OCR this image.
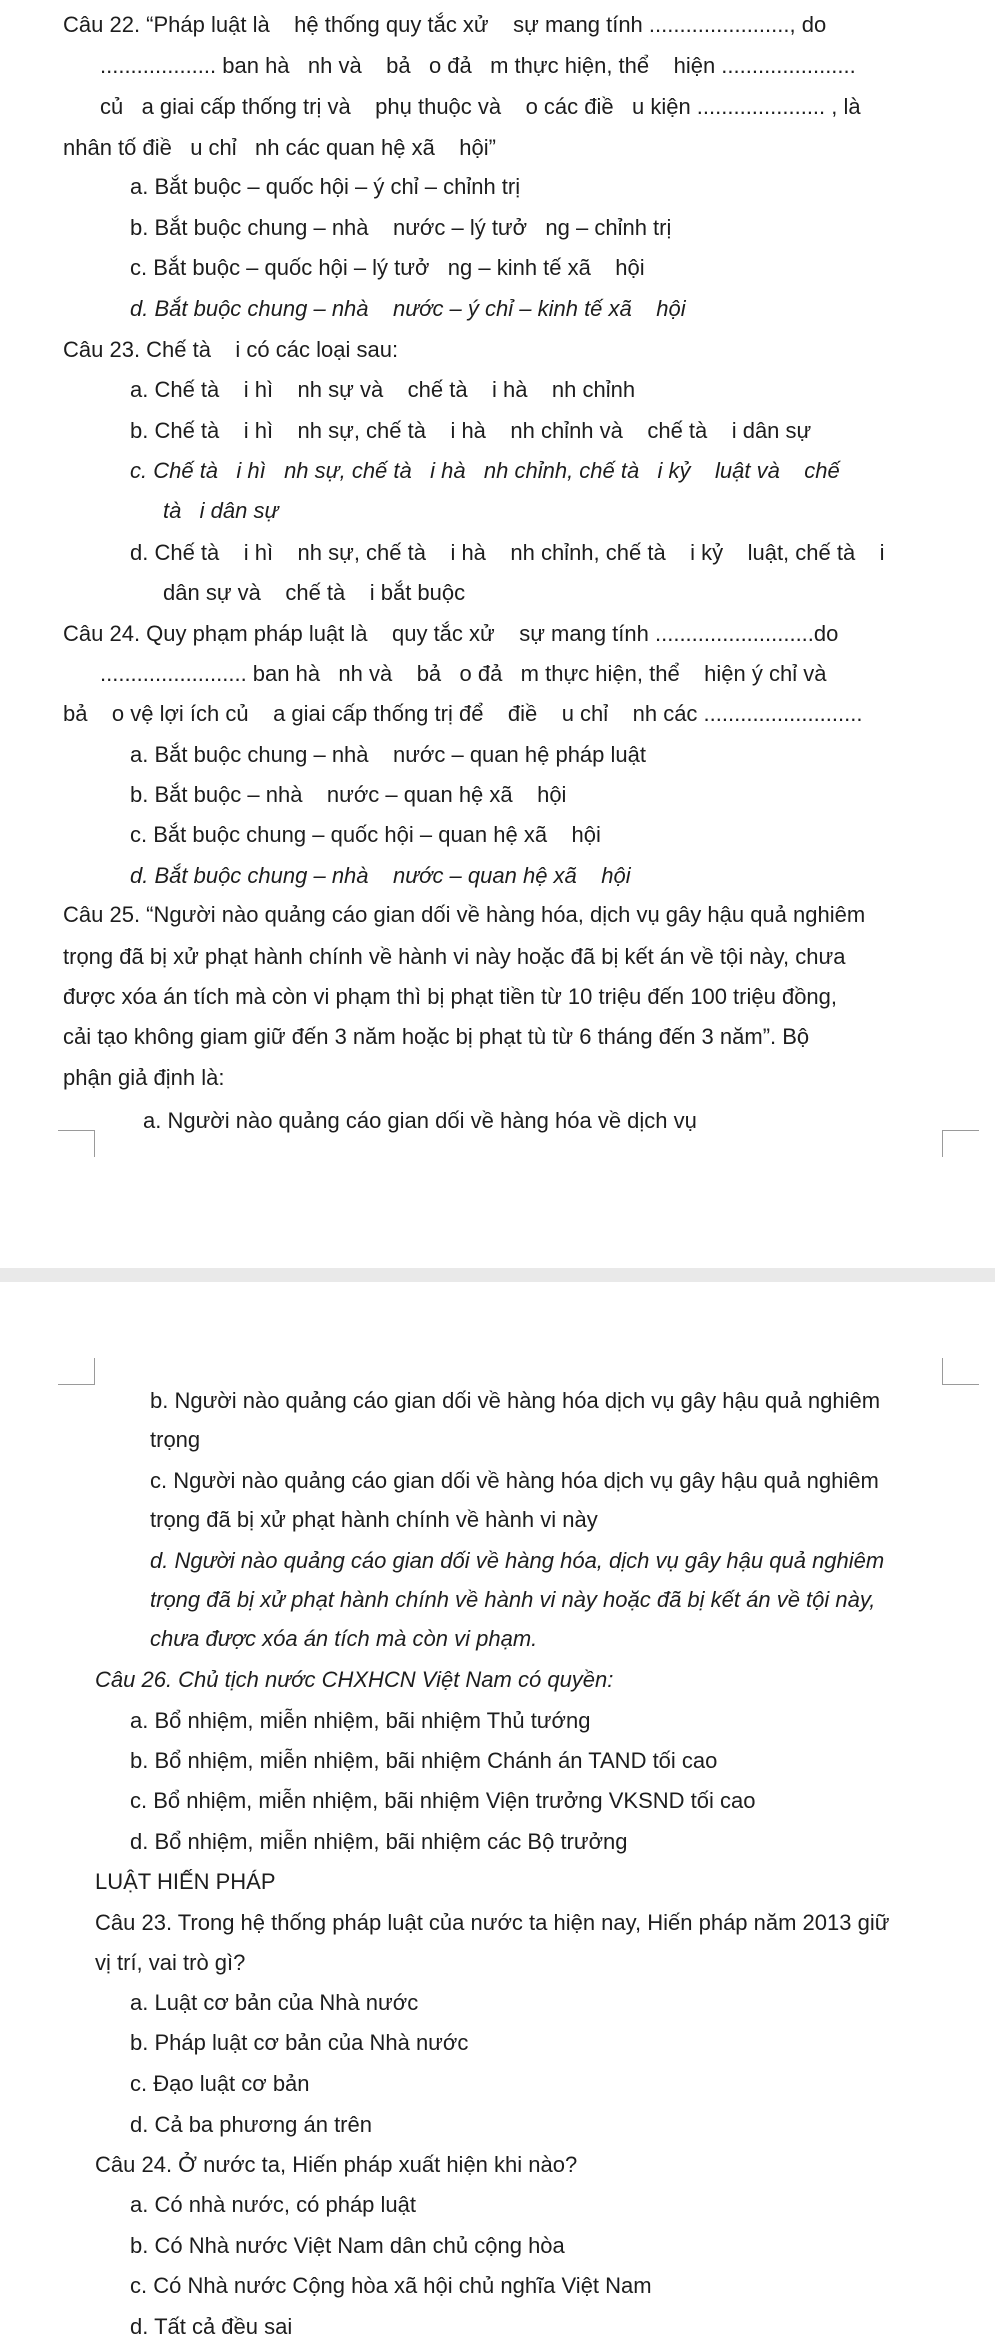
Câu 22. “Pháp luật là    hệ thống quy tắc xử    sự mang tính ......................., do
................... ban hà   nh và    bả   o đả   m thực hiện, thể    hiện ......................
củ   a giai cấp thống trị và    phụ thuộc và    o các điề   u kiện ..................... , là
nhân tố điề   u chỉ   nh các quan hệ xã    hội”
a. Bắt buộc – quốc hội – ý chỉ – chỉnh trị
b. Bắt buộc chung – nhà    nước – lý tưở   ng – chỉnh trị
c. Bắt buộc – quốc hội – lý tưở   ng – kinh tế xã    hội
d. Bắt buộc chung – nhà    nước – ý chỉ – kinh tế xã    hội
Câu 23. Chế tà    i có các loại sau:
a. Chế tà    i hì    nh sự và    chế tà    i hà    nh chỉnh
b. Chế tà    i hì    nh sự, chế tà    i hà    nh chỉnh và    chế tà    i dân sự
c. Chế tà   i hì   nh sự, chế tà   i hà   nh chỉnh, chế tà   i kỷ    luật và    chế
tà   i dân sự
d. Chế tà    i hì    nh sự, chế tà    i hà    nh chỉnh, chế tà    i kỷ    luật, chế tà    i
dân sự và    chế tà    i bắt buộc
Câu 24. Quy phạm pháp luật là    quy tắc xử    sự mang tính ..........................do
........................ ban hà   nh và    bả   o đả   m thực hiện, thể    hiện ý chỉ và
bả    o vệ lợi ích củ    a giai cấp thống trị để    điề    u chỉ    nh các ..........................
a. Bắt buộc chung – nhà    nước – quan hệ pháp luật
b. Bắt buộc – nhà    nước – quan hệ xã    hội
c. Bắt buộc chung – quốc hội – quan hệ xã    hội
d. Bắt buộc chung – nhà    nước – quan hệ xã    hội
Câu 25. “Người nào quảng cáo gian dối về hàng hóa, dịch vụ gây hậu quả nghiêm
trọng đã bị xử phạt hành chính về hành vi này hoặc đã bị kết án về tội này, chưa
được xóa án tích mà còn vi phạm thì bị phạt tiền từ 10 triệu đến 100 triệu đồng,
cải tạo không giam giữ đến 3 năm hoặc bị phạt tù từ 6 tháng đến 3 năm”. Bộ
phận giả định là:
a. Người nào quảng cáo gian dối về hàng hóa về dịch vụ
b. Người nào quảng cáo gian dối về hàng hóa dịch vụ gây hậu quả nghiêm
trọng
c. Người nào quảng cáo gian dối về hàng hóa dịch vụ gây hậu quả nghiêm
trọng đã bị xử phạt hành chính về hành vi này
d. Người nào quảng cáo gian dối về hàng hóa, dịch vụ gây hậu quả nghiêm
trọng đã bị xử phạt hành chính về hành vi này hoặc đã bị kết án về tội này,
chưa được xóa án tích mà còn vi phạm.
Câu 26. Chủ tịch nước CHXHCN Việt Nam có quyền:
a. Bổ nhiệm, miễn nhiệm, bãi nhiệm Thủ tướng
b. Bổ nhiệm, miễn nhiệm, bãi nhiệm Chánh án TAND tối cao
c. Bổ nhiệm, miễn nhiệm, bãi nhiệm Viện trưởng VKSND tối cao
d. Bổ nhiệm, miễn nhiệm, bãi nhiệm các Bộ trưởng
LUẬT HIẾN PHÁP
Câu 23. Trong hệ thống pháp luật của nước ta hiện nay, Hiến pháp năm 2013 giữ
vị trí, vai trò gì?
a. Luật cơ bản của Nhà nước
b. Pháp luật cơ bản của Nhà nước
c. Đạo luật cơ bản
d. Cả ba phương án trên
Câu 24. Ở nước ta, Hiến pháp xuất hiện khi nào?
a. Có nhà nước, có pháp luật
b. Có Nhà nước Việt Nam dân chủ cộng hòa
c. Có Nhà nước Cộng hòa xã hội chủ nghĩa Việt Nam
d. Tất cả đều sai
